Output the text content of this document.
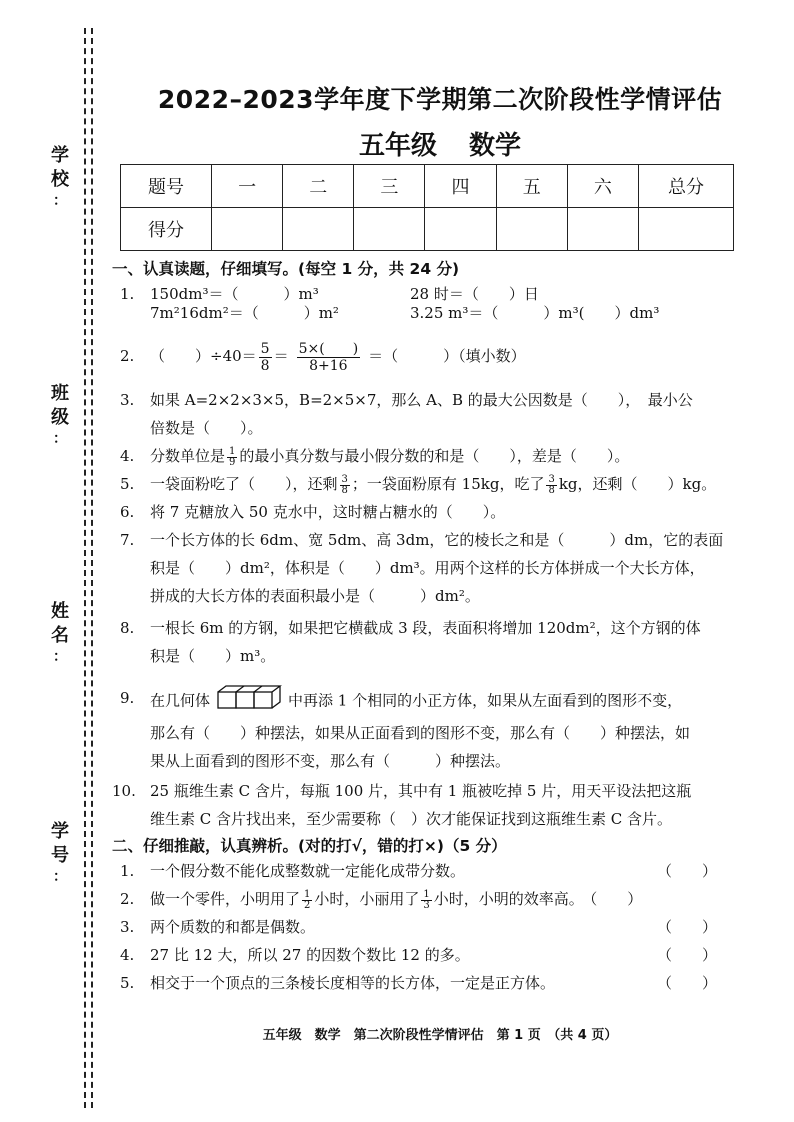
学
校
：
班
级
：
姓
名
：
学
号
：
2022–2023学年度下学期第二次阶段性学情评估
五年级 数学
题号	一	二	三	四	五	六	总分
得分							
一、认真读题，仔细填写。(每空 1 分，共 24 分)
1. 150dm³＝（　　　）m³	28 时＝（　　）日
7m²16dm²＝（　　　）m²	3.25 m³＝（　　　）m³(　　）dm³
2. （　　）$\div 40= \frac{5}{8} = \frac{5\times( )}{8+16}$ ＝（　　　）（填小数）
3. 如果 A=2×2×3×5，B=2×5×7，那么 A、B 的最大公因数是（　　），　最小公
倍数是（　　）。
4. 分数单位是 $\frac{1}{9}$ 的最小真分数与最小假分数的和是（　　），差是（　　）。
5. 一袋面粉吃了（　　），还剩 $\frac{3}{8}$ ；一袋面粉原有 15kg，吃了 $\frac{3}{8}$ kg，还剩（　　）kg。
6. 将 7 克糖放入 50 克水中，这时糖占糖水的（　　）。
7. 一个长方体的长 6dm、宽 5dm、高 3dm，它的棱长之和是（　　　）dm，它的表面
积是（　　）dm²，体积是（　　）dm³。用两个这样的长方体拼成一个大长方体，
拼成的大长方体的表面积最小是（　　　）dm²。
8. 一根长 6m 的方钢，如果把它横截成 3 段，表面积将增加 120dm²，这个方钢的体
积是（　　）m³。
9. 在几何体	中再添 1 个相同的小正方体，如果从左面看到的图形不变，
那么有（　　）种摆法，如果从正面看到的图形不变，那么有（　　）种摆法，如
果从上面看到的图形不变，那么有（　　　）种摆法。
10. 25 瓶维生素 C 含片，每瓶 100 片，其中有 1 瓶被吃掉 5 片，用天平设法把这瓶
维生素 C 含片找出来，至少需要称（　）次才能保证找到这瓶维生素 C 含片。
二、仔细推敲，认真辨析。(对的打√，错的打×)（5 分）
1. 一个假分数不能化成整数就一定能化成带分数。	（　　）
2. 做一个零件，小明用了 $\frac{1}{2}$ 小时，小丽用了 $\frac{1}{3}$ 小时，小明的效率高。 （　　）
3. 两个质数的和都是偶数。	（　　）
4. 27 比 12 大，所以 27 的因数个数比 12 的多。	（　　）
5. 相交于一个顶点的三条棱长度相等的长方体，一定是正方体。	（　　）
五年级　数学　第二次阶段性学情评估　第 1 页　（共 4 页）
